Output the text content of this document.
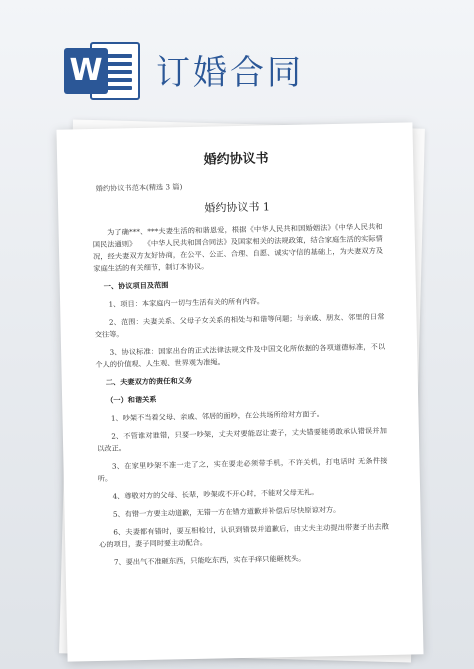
W 订婚合同

婚约协议书
婚约协议书范本(精选 3 篇)
婚约协议书 1
为了确***、***夫妻生活的和谐恩爱，根据《中华人民共和国婚姻法》《中华人民共和国民法通则》　　《中华人民共和国合同法》及国家相关的法规政策，结合家庭生活的实际情况，经夫妻双方友好协商，在公平、公正、合理、自愿、诚实守信的基础上，为夫妻双方及家庭生活的有关细节，制订本协议。
一、协议项目及范围
1、项目：本家庭内一切与生活有关的所有内容。
2、范围：夫妻关系、父母子女关系的相处与和谐等问题；与亲戚、朋友、邻里的日常交往等。
3、协议标准：国家出台的正式法律法规文件及中国文化所依据的各项道德标准，不以个人的价值观、人生观、世界观为准绳。
二、夫妻双方的责任和义务
（一）和谐关系
1、吵架不当着父母、亲戚、邻居的面吵，在公共场所给对方面子。
2、不管谁对谁错，只要一吵架，丈夫对要能忍让妻子，丈夫错要能勇敢承认错误并加以改正。
3、在家里吵架不准一走了之，实在要走必须带手机，不许关机，打电话时 无条件接听。
4、尊敬对方的父母、长辈，吵架或不开心时，不能对父母无礼。
5、有错一方要主动道歉，无错一方在错方道歉并补偿后尽快原谅对方。
6、夫妻都有错时，要互相检讨，认识到错误并道歉后，由丈夫主动提出带妻子出去散心的项目，妻子同时要主动配合。
7、要出气不准砸东西，只能吃东西，实在手痒只能砸枕头。
